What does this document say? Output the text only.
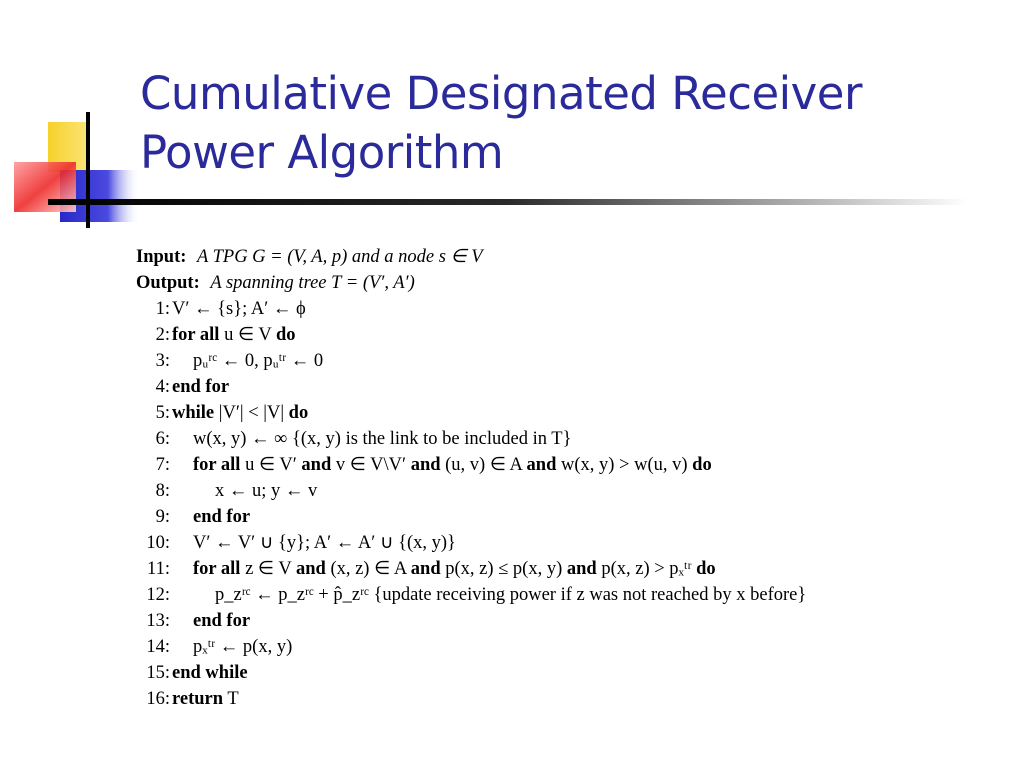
Cumulative Designated Receiver
Power Algorithm
Input: A TPG G = (V, A, p) and a node s ∈ V
Output: A spanning tree T = (V′, A′)
1: V′ ← {s}; A′ ← ϕ
2: for all u ∈ V do
3: pᵤʳᶜ ← 0, pᵤᵗʳ ← 0
4: end for
5: while |V′| < |V| do
6: w(x, y) ← ∞ {(x, y) is the link to be included in T}
7: for all u ∈ V′ and v ∈ V\V′ and (u, v) ∈ A and w(x, y) > w(u, v) do
8: x ← u; y ← v
9: end for
10: V′ ← V′ ∪ {y}; A′ ← A′ ∪ {(x, y)}
11: for all z ∈ V and (x, z) ∈ A and p(x, z) ≤ p(x, y) and p(x, z) > pₓᵗʳ do
12: p_zʳᶜ ← p_zʳᶜ + p̂_zʳᶜ {update receiving power if z was not reached by x before}
13: end for
14: pₓᵗʳ ← p(x, y)
15: end while
16: return T
